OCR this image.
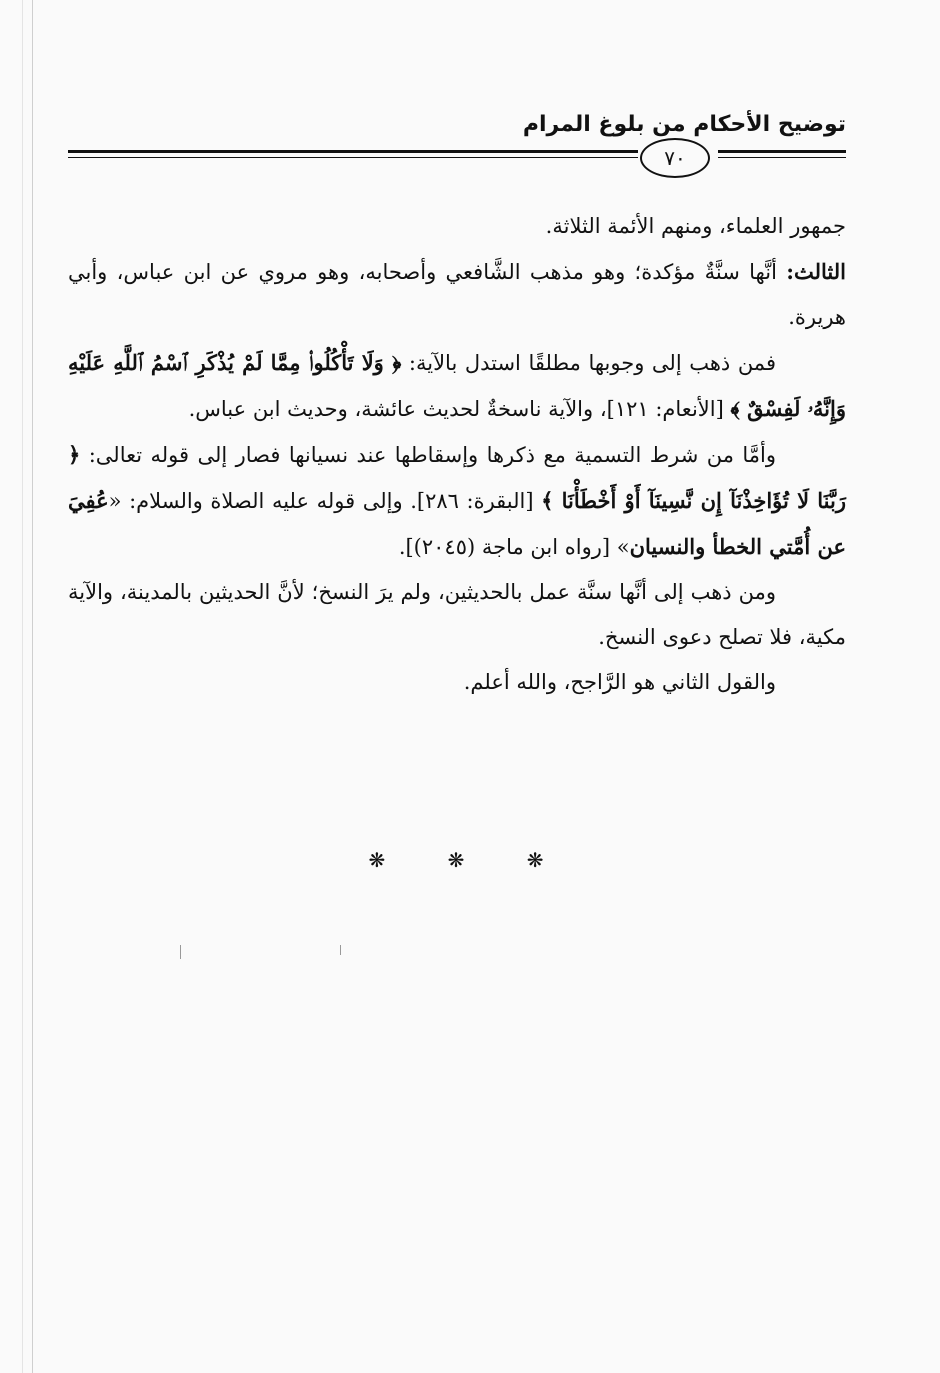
توضيح الأحكام من بلوغ المرام
٧٠

جمهور العلماء، ومنهم الأئمة الثلاثة.

الثالث: أنَّها سنَّةٌ مؤكدة؛ وهو مذهب الشَّافعي وأصحابه، وهو مروي عن ابن عباس، وأبي هريرة.

فمن ذهب إلى وجوبها مطلقًا استدل بالآية: ﴿ وَلَا تَأْكُلُوا۟ مِمَّا لَمْ يُذْكَرِ ٱسْمُ ٱللَّهِ عَلَيْهِ وَإِنَّهُۥ لَفِسْقٌ ﴾ [الأنعام: ١٢١]، والآية ناسخةٌ لحديث عائشة، وحديث ابن عباس.

وأمَّا من شرط التسمية مع ذكرها وإسقاطها عند نسيانها فصار إلى قوله تعالى: ﴿ رَبَّنَا لَا تُؤَاخِذْنَآ إِن نَّسِينَآ أَوْ أَخْطَأْنَا ﴾ [البقرة: ٢٨٦]. وإلى قوله عليه الصلاة والسلام: «عُفِيَ عن أُمَّتي الخطأ والنسيان» [رواه ابن ماجة (٢٠٤٥)].

ومن ذهب إلى أنَّها سنَّة عمل بالحديثين، ولم يرَ النسخ؛ لأنَّ الحديثين بالمدينة، والآية مكية، فلا تصلح دعوى النسخ.

والقول الثاني هو الرَّاجح، والله أعلم.

❋ ❋ ❋
